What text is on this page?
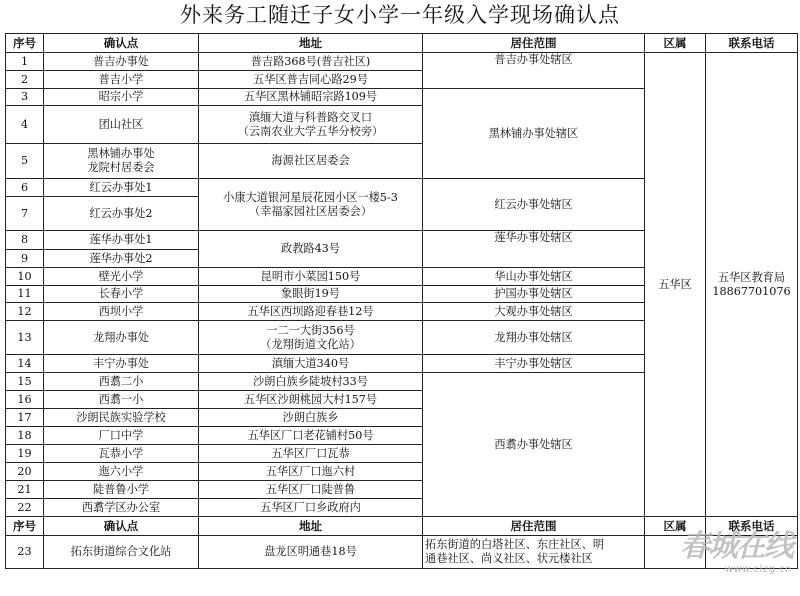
外来务工随迁子女小学一年级入学现场确认点
序号	确认点	地址	居住范围	区属	联系电话
1	普吉办事处	普吉路368号(普吉社区)	普吉办事处辖区	五华区	五华区教育局
18867701076
2	普吉小学	五华区普吉同心路29号			
3	昭宗小学	五华区黑林铺昭宗路109号	黑林铺办事处辖区		
4	团山社区	滇缅大道与科普路交叉口
（云南农业大学五华分校旁）			
5	黑林铺办事处
龙院村居委会	海源社区居委会			
6	红云办事处1	小康大道银河星辰花园小区一楼5-3
（幸福家园社区居委会）	红云办事处辖区		
7	红云办事处2				
8	莲华办事处1	政教路43号	莲华办事处辖区		
9	莲华办事处2				
10	壁光小学	昆明市小菜园150号	华山办事处辖区		
11	长春小学	象眼街19号	护国办事处辖区		
12	西坝小学	五华区西坝路迎春巷12号	大观办事处辖区		
13	龙翔办事处	一二一大街356号
（龙翔街道文化站）	龙翔办事处辖区		
14	丰宁办事处	滇缅大道340号	丰宁办事处辖区		
15	西翥二小	沙朗白族乡陡坡村33号	西翥办事处辖区		
16	西翥一小	五华区沙朗桃园大村157号			
17	沙朗民族实验学校	沙朗白族乡			
18	厂口中学	五华区厂口老花铺村50号			
19	瓦恭小学	五华区厂口瓦恭			
20	迤六小学	五华区厂口迤六村			
21	陡普鲁小学	五华区厂口陡普鲁			
22	西翥学区办公室	五华区厂口乡政府内			
序号	确认点	地址	居住范围	区属	联系电话
23	拓东街道综合文化站	盘龙区明通巷18号	拓东街道的白塔社区、东庄社区、明
通巷社区、尚义社区、状元楼社区			春城在线
www.clzg.cn
